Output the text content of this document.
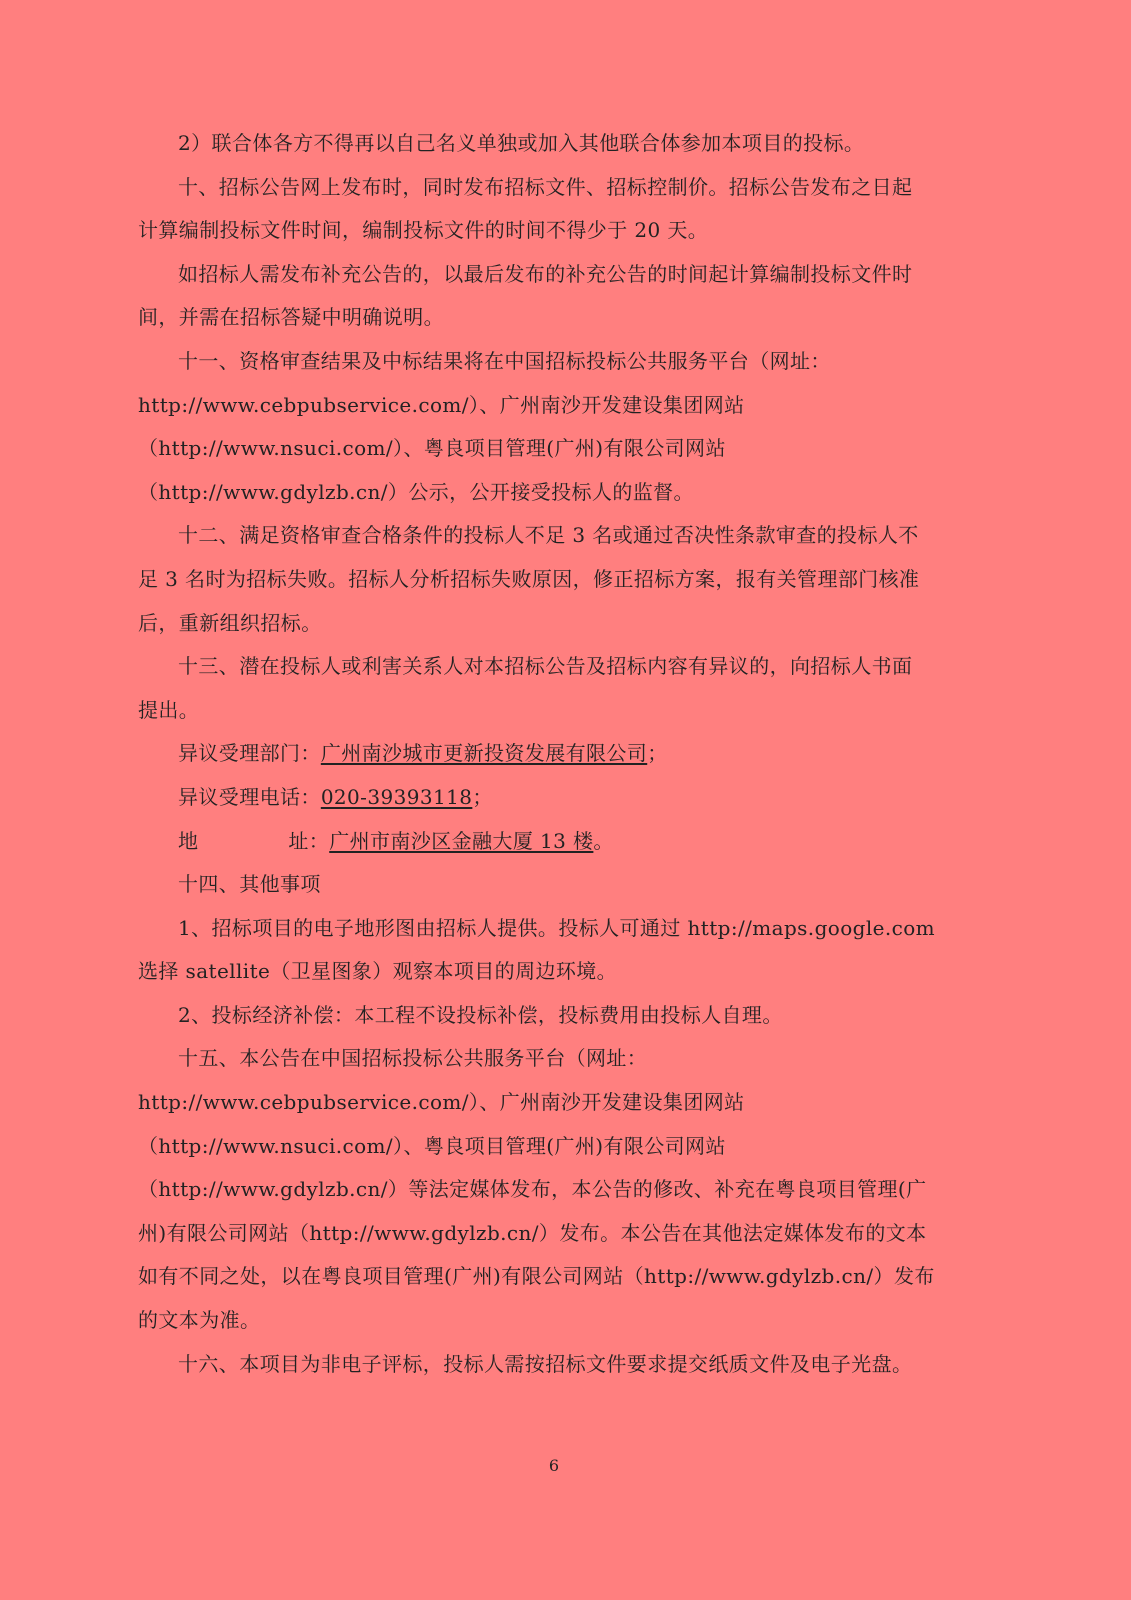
2）联合体各方不得再以自己名义单独或加入其他联合体参加本项目的投标。
十、招标公告网上发布时，同时发布招标文件、招标控制价。招标公告发布之日起
计算编制投标文件时间，编制投标文件的时间不得少于 20 天。
如招标人需发布补充公告的，以最后发布的补充公告的时间起计算编制投标文件时
间，并需在招标答疑中明确说明。
十一、资格审查结果及中标结果将在中国招标投标公共服务平台（网址：
http://www.cebpubservice.com/）、广州南沙开发建设集团网站
（http://www.nsuci.com/）、粤良项目管理(广州)有限公司网站
（http://www.gdylzb.cn/）公示，公开接受投标人的监督。
十二、满足资格审查合格条件的投标人不足 3 名或通过否决性条款审查的投标人不
足 3 名时为招标失败。招标人分析招标失败原因，修正招标方案，报有关管理部门核准
后，重新组织招标。
十三、潜在投标人或利害关系人对本招标公告及招标内容有异议的，向招标人书面
提出。
异议受理部门：广州南沙城市更新投资发展有限公司；
异议受理电话：020-39393118；
地	址：广州市南沙区金融大厦 13 楼。
十四、其他事项
1、招标项目的电子地形图由招标人提供。投标人可通过 http://maps.google.com
选择 satellite（卫星图象）观察本项目的周边环境。
2、投标经济补偿：本工程不设投标补偿，投标费用由投标人自理。
十五、本公告在中国招标投标公共服务平台（网址：
http://www.cebpubservice.com/）、广州南沙开发建设集团网站
（http://www.nsuci.com/）、粤良项目管理(广州)有限公司网站
（http://www.gdylzb.cn/）等法定媒体发布，本公告的修改、补充在粤良项目管理(广
州)有限公司网站（http://www.gdylzb.cn/）发布。本公告在其他法定媒体发布的文本
如有不同之处，以在粤良项目管理(广州)有限公司网站（http://www.gdylzb.cn/）发布
的文本为准。
十六、本项目为非电子评标，投标人需按招标文件要求提交纸质文件及电子光盘。
6
